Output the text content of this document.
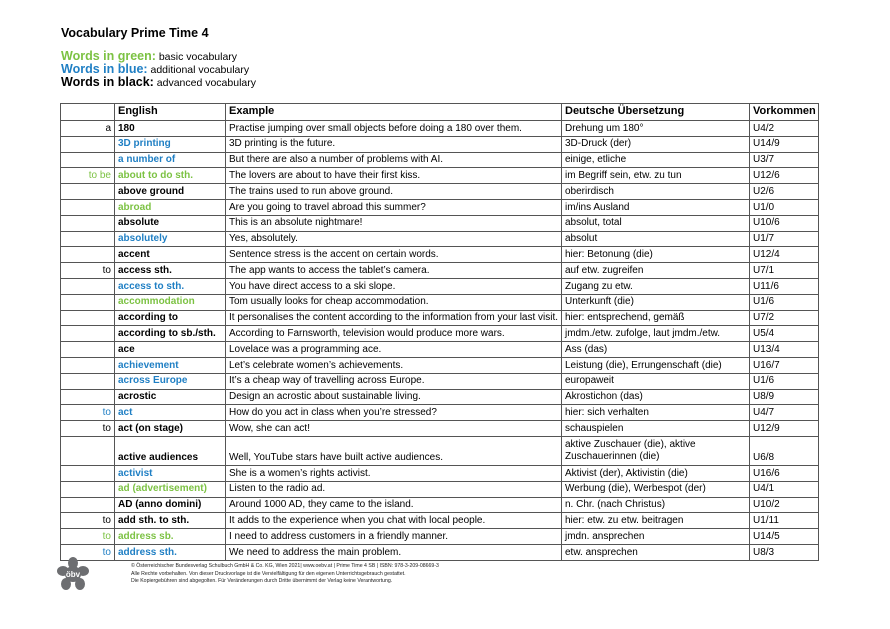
Vocabulary Prime Time 4
Words in green: basic vocabulary
Words in blue: additional vocabulary
Words in black: advanced vocabulary
	English	Example	Deutsche Übersetzung	Vorkommen
a	180	Practise jumping over small objects before doing a 180 over them.	Drehung um 180°	U4/2
	3D printing	3D printing is the future.	3D-Druck (der)	U14/9
	a number of	But there are also a number of problems with AI.	einige, etliche	U3/7
to be	about to do sth.	The lovers are about to have their first kiss.	im Begriff sein, etw. zu tun	U12/6
	above ground	The trains used to run above ground.	oberirdisch	U2/6
	abroad	Are you going to travel abroad this summer?	im/ins Ausland	U1/0
	absolute	This is an absolute nightmare!	absolut, total	U10/6
	absolutely	Yes, absolutely.	absolut	U1/7
	accent	Sentence stress is the accent on certain words.	hier: Betonung (die)	U12/4
to	access sth.	The app wants to access the tablet’s camera.	auf etw. zugreifen	U7/1
	access to sth.	You have direct access to a ski slope.	Zugang zu etw.	U11/6
	accommodation	Tom usually looks for cheap accommodation.	Unterkunft (die)	U1/6
	according to	It personalises the content according to the information from your last visit.	hier: entsprechend, gemäß	U7/2
	according to sb./sth.	According to Farnsworth, television would produce more wars.	jmdm./etw. zufolge, laut jmdm./etw.	U5/4
	ace	Lovelace was a programming ace.	Ass (das)	U13/4
	achievement	Let’s celebrate women’s achievements.	Leistung (die), Errungenschaft (die)	U16/7
	across Europe	It’s a cheap way of travelling across Europe.	europaweit	U1/6
	acrostic	Design an acrostic about sustainable living.	Akrostichon (das)	U8/9
to	act	How do you act in class when you’re stressed?	hier: sich verhalten	U4/7
to	act (on stage)	Wow, she can act!	schauspielen	U12/9
	active audiences	Well, YouTube stars have built active audiences.	aktive Zuschauer (die), aktive Zuschauerinnen (die)	U6/8
	activist	She is a women’s rights activist.	Aktivist (der), Aktivistin (die)	U16/6
	ad (advertisement)	Listen to the radio ad.	Werbung (die), Werbespot (der)	U4/1
	AD (anno domini)	Around 1000 AD, they came to the island.	n. Chr. (nach Christus)	U10/2
to	add sth. to sth.	It adds to the experience when you chat with local people.	hier: etw. zu etw. beitragen	U1/11
to	address sb.	I need to address customers in a friendly manner.	jmdn. ansprechen	U14/5
to	address sth.	We need to address the main problem.	etw. ansprechen	U8/3
öbv
© Österreichischer Bundesverlag Schulbuch GmbH & Co. KG, Wien 2021| www.oebv.at | Prime Time 4 SB | ISBN: 978-3-209-08669-3
Alle Rechte vorbehalten. Von dieser Druckvorlage ist die Vervielfältigung für den eigenen Unterrichtsgebrauch gestattet.
Die Kopiergebühren sind abgegolten. Für Veränderungen durch Dritte übernimmt der Verlag keine Verantwortung.
